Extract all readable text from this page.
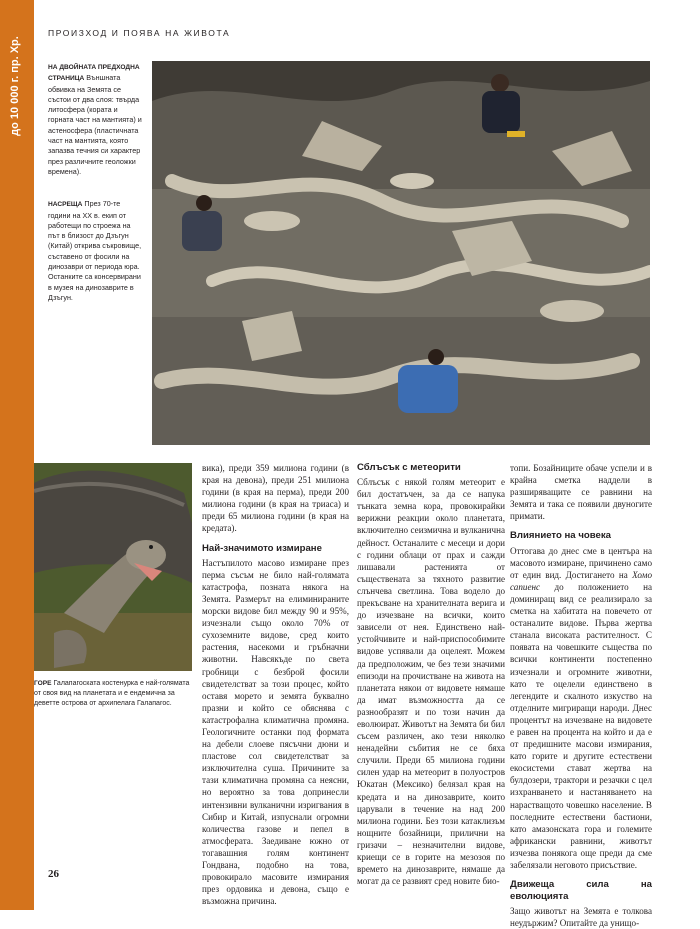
до 10 000 г. пр. Хр.
ПРОИЗХОД И ПОЯВА НА ЖИВОТА

НА ДВОЙНАТА ПРЕДХОДНА СТРАНИЦА Външната обвивка на Земята се състои от два слоя: твърда литосфера (кората и горната част на мантията) и астеносфера (пластичната част на мантията, която запазва течния си характер през различните геоложки времена).

НАСРЕЩА През 70-те години на ХХ в. екип от работещи по строежа на път в близост до Дзъгун (Китай) открива съкровище, съставено от фосили на динозаври от периода юра. Останките са консервирани в музея на динозаврите в Дзъгун.

ГОРЕ Галапагоската костенурка е най-голямата от своя вид на планетата и е ендемична за деветте острова от архипелага Галапагос.

вика), преди 359 милиона години (в края на девона), преди 251 милиона години (в края на перма), преди 200 милиона години (в края на триаса) и преди 65 милиона години (в края на кредата).

Най-значимото измиране

Настъпилото масово измиране през перма съсъм не било най-голямата катастрофа, позната някога на Земята. Размерът на елиминираните морски видове бил между 90 и 95%, изчезнали също около 70% от сухоземните видове, сред които растения, насекоми и гръбначни животни. Навсякъде по света гробници с безброй фосили свидетелстват за този процес, който оставя морето и земята буквално празни и който се обяснява с катастрофална климатична промяна. Геологичните останки под формата на дебели слоеве пясъчни дюни и пластове сол свидетелстват за изключителна суша. Причините за тази климатична промяна са неясни, но вероятно за това допринесли интензивни вулканични изригвания в Сибир и Китай, изпуснали огромни количества газове и пепел в атмосферата. Заедиване южно от тогавашния голям континент Гондвана, подобно на това, провокирало масовите измирания през ордовика и девона, също е възможна причина.

Сблъсък с метеорити

Сблъсък с някой голям метеорит е бил достатъчен, за да се напука тънката земна кора, провокирайки верижни реакции около планетата, включително сеизмична и вулканична дейност. Останалите с месеци и дори с години облаци от прах и сажди лишавали растенията от съществената за тяхното развитие слънчева светлина. Това водело до прекъсване на хранителната верига и до изчезване на всички, които зависели от нея. Единствено най-устойчивите и най-приспособимите видове успявали да оцелеят. Можем да предположим, че без тези значими епизоди на прочистване на живота на планетата някои от видовете нямаше да имат възможността да се разнообразят и по този начин да еволюират. Животът на Земята би бил съсем различен, ако тези няколко ненадейни събития не се бяха случили. Преди 65 милиона години силен удар на метеорит в полуостров Юкатан (Мексико) белязал края на кредата и на динозаврите, които царували в течение на над 200 милиона години. Без този катаклизъм нощните бозайници, прилични на гризачи – незначителни видове, криещи се в горите на мезозоя по времето на динозаврите, нямаше да могат да се развият сред новите био-

топи. Бозайниците обаче успели и в крайна сметка наддели в разширяващите се равнини на Земята и така се появили двуногите примати.

Влиянието на човека

Оттогава до днес сме в центъра на масовото измиране, причинено само от един вид. Достигането на Хомо сапиенс до положението на доминиращ вид се реализирало за сметка на хабитата на повечето от останалите видове. Първа жертва станала високата растителност. С появата на човешките същества по всички континенти постепенно изчезнали и огромните животни, като те оцелели единствено в легендите и скалното изкуство на отделните мигриращи народи. Днес процентът на изчезване на видовете е равен на процента на който и да е от предишните масови измирания, като горите и другите естествени екосистеми стават жертва на булдозери, трактори и резачки с цел изхранването и настаняването на нарастващото човешко население. В последните естествени бастиони, като амазонската гора и големите африкански равнини, животът изчезва понякога още преди да сме забелязали неговото присъствие.

Движеща сила на еволюцията

Защо животът на Земята е толкова неудържим? Опитайте да унищо-

26
